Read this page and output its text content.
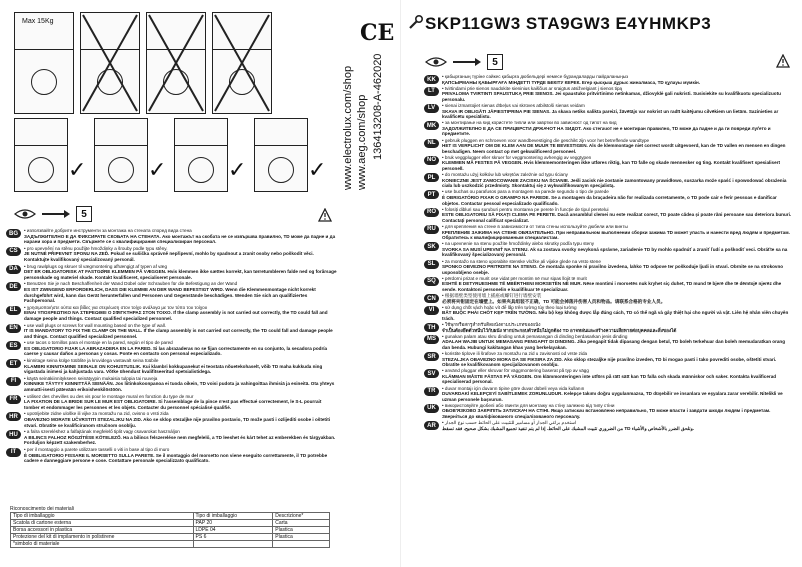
Max 15Kg
✓	✓	✓	✓	www.aeg.com/shop
www.electrolux.com/shop 136413208-A-462020
CE
5
BG	• използвайте добрите инструменти за монтажа на стената според вида стена
ЗАДЪЛЖИТЕЛНО Е ДА ФИКСИРАТЕ СКОБАТА НА СТЕНАТА. Ако монтажът на скобата не се извършва правилно, TD може да падне и да нарани хора и предмети. Свържете се с квалифицирания специализиран персонал.
CS	• pro upevnění na stěnu použijte hmoždinky a šrouby podle typu stěny.
JE NUTNÉ PŘIPEVNIT SPONU NA ZEĎ. Pokud se sušička správně nepřipevní, mohlo by spadnout a zranit osoby nebo poškodit věci. Kontaktujte kvalifikovaný specializovaný personál.
DA	• brug rawlplugs og skruer til vægmontering afhængigt af typen af væg
DET ER OBLIGATORISK AT FASTGØRE KLEMMEN PÅ VÆGGEN. Hvis klemmen ikke sættes korrekt, kan tørretumbleren falde ned og forårsage personskade og materiel skade. Kontakt kvalificeret, specialiseret personale.
DE	• Benutzen Sie je nach Beschaffenheit der Wand Dübel oder Schrauben für die Befestigung an der Wand
ES IST ZWINGEND ERFORDERLICH, DASS DIE KLEMME AN DER WAND BEFESTIGT WIRD. Wenn die Klemmenmontage nicht korrekt durchgeführt wird, kann das Gerät herunterfallen und Personen und Gegenstände beschädigen. Wenden Sie sich an qualifiziertes Fachpersonal.
EL	• χρησιμοποιήστε ούπα και βίδες για στερέωση στον τοίχο ανάλογα με τον τύπο του τοίχου
ΕΙΝΑΙ ΥΠΟΧΡΕΩΤΙΚΟ ΝΑ ΣΤΕΡΕΩΘΕΙ Ο ΣΦΙΓΚΤΗΡΑΣ ΣΤΟΝ ΤΟΙΧΟ. If the clamp assembly is not carried out correctly, the TD could fall and damage people and things. Contact qualified specialized personnel.
EN	• use wall plugs or screws for wall mounting based on the type of wall.
IT IS MANDATORY TO FIX THE CLAMP ON THE WALL. If the clamp assembly is not carried out correctly, the TD could fall and damage people and things. Contact qualified specialized personnel.
ES	• use tacos o tornillos para el montaje en la pared, según el tipo de pared
ES OBLIGATORIO FIJAR LA ABRAZADERA EN LA PARED. Si las abrazaderas no se fijan correctamente en su conjunto, la secadora podría caerse y causar daños a personas y cosas. Ponte en contacto con personal especializado.
ET	• kinnitage seina külge tüüblite ja kruvidega vastavalt seina tüübile
KLAMBRI KINNITAMINE SEINALE ON KOHUSTUSLIK. Kui klambri kokkupanekut ei teostata nõuetekohaselt, võib TD maha kukkuda ning vigastada inimesi ja kahjustada vara. Võtke ühendust kvalifitseeritud spetsialistidega.
FI	• käytä seinäkiinnitykseen seinätyypin mukaisia tulppia tai ruuveja
KIINNIKE TÄYTYY KIINNITTÄÄ SEINÄÄN. Jos liitinkokoonpanoa ei tuoda oikein, TD voisi pudota ja vahingoittaa ihmisiä ja esineitä. Ota yhteys ammatti-isesti pätevään erikoishenkilöstöön.
FR	• utilisez des chevilles ou des vis pour le montage mural en fonction du type de mur
LA FIXATION DE LA BRIDE SUR LE MUR EST OBLIGATOIRE. Si l'assemblage de la pince n'est pas effectué correctement, le S-L pourrait tomber et endommager les personnes et les objets. Contacter du personnel spécialisé qualifié.
HR	• upotrijebite zidne uloške ili vijke za montažu na zid, ovisno o vrsti zida
OBAVEZNO MORATE UČVRSTITI STEZALJKU NA ZID. Ako se sklop stezaljke nije pravilno postavio, TD može pasti i ozlijediti osobe i oštetiti stvari. Obratite se kvalificiranom stručnom osoblju.
HU	• a falra szereléshez a falfajtának megfelelő tiplit vagy csavarokat használjon
A BILINCS FALHOZ RÖGZÍTÉSE KÖTELEZŐ. Ha a bilincs felszerelése nem megfelelő, a TD leeshet és kárt tehet az emberekben és tárgyakban. Forduljon képzett szakemberhez.
IT	• per il montaggio a parete utilizzare tasselli o viti in base al tipo di muro
È OBBLIGATORIO FISSARE IL MORSETTO SULLA PARETE. Se il montaggio del morsetto non viene eseguito correttamente, il TD potrebbe cadere e danneggiare persone e cose. Contattare personale specializzato qualificato.
Riconoscimento dei materiali
Tipo di imballaggio	Tipo di imballaggio	Descrizione*
Scatola di cartone esterna	PAP 20	Carta
Borsa accessori in plastica	LDPE 04	Plastica
Protezione del kit di impilamento in polistirene	PS 6	Plastica
*simbolo di materiale		
SKP11GW3 STA9GW3 E4YHMKP3
5
KK	• қабырғаның түріне сәйкес қабырға дюбельдері немесе бұрандаларды пайдаланыңыз
ҚАПСЫРМАНЫ ҚАБЫРҒАҒА МІНДЕТТІ ТҮРДЕ БЕКІТУ КЕРЕК. Егер қысқыш дұрыс жиналмаса, TD құлауы мүмкін.
LT	• tvirtindami prie sienos naudokite sieninius kaiščius ar sraigtus atsižvelgiant į sienos tipą
PRIVALOMA TVIRTINTI SPAUSTUKĄ PRIE SIENOS. Jei spaustuko pritvirtinimo netinkamas, džiovyklė gali nukristi. Susisiekite su kvalifikuotu specializuotu personalu.
LV	• sienai izmantojiet sienas dībeļus vai skrūves atbilstoši sienas veidam
SKAVA IR OBLIGĀTI JĀPIESTIPRINA PIE SIENAS. Ja skava netiks salikta pareizi, žāvētājs var nokrist un radīt kaitējumu cilvēkiem un lietām. Sazinieties ar kvalificētu speciālistu.
MK	• за монтирање на ѕид користете типли или завртки во зависност од типот на ѕид
ЗАДОЛЖИТЕЛНО Е ДА СЕ ПРИЦВРСТИ ДРЖАЧОТ НА ЅИДОТ. Ако стегачот не е монтиран правилно, TD може да падне и да ги повреди луѓето и предметите.
NL	• gebruik pluggen en schroeven voor wandbevestiging die geschikt zijn voor het betreffende wandtype
HET IS VERPLICHT OM DE KLEM AAN DE MUUR TE BEVESTIGEN. Als de klemmontage niet correct wordt uitgevoerd, kan de TD vallen en mensen en dingen beschadigen. Neem contact op met gekwalificeerd personeel.
NO	• bruk veggplugger eller skruer for veggmontering avhengig av veggtypen
KLEMMEN MÅ FESTES PÅ VEGGEN. Hvis klemmemonteringen ikke utføres riktig, kan TD falle og skade mennesker og ting. Kontakt kvalifisert spesialisert personell.
PL	• do montażu użyj kołków lub wkrętów zależnie od typu ściany
KONIECZNE JEST ZAMOCOWANIE ZACISKU NA ŚCIANIE. Jeśli zacisk nie zostanie zamontowany prawidłowo, suszarka może spaść i spowodować obrażenia ciała lub uszkodzić przedmioty. Skontaktuj się z wykwalifikowanym specjalistą.
PT	• use buchas ou parafusos para a montagem na parede segundo o tipo de parede
É OBRIGATÓRIO FIXAR O GRAMPO NA PAREDE. Se a montagem da braçadeira não for realizada corretamente, o TD pode cair e ferir pessoas e danificar objetos. Contactar pessoal especializado qualificado.
RO	• folosiți dibluri sau șuruburi pentru montarea pe perete în funcție de tipul peretelui
ESTE OBLIGATORIU SĂ FIXAȚI CLEMA PE PERETE. Dacă ansamblul clemei nu este realizat corect, TD poate cădea și poate răni persoane sau deteriora bunuri. Contactați personal calificat specializat.
RU	• для крепления на стене в зависимости от типа стены используйте дюбели или винты
КРЕПЛЕНИЕ ЗАЖИМА НА СТЕНЕ ОБЯЗАТЕЛЬНО. При неправильном выполнении сборки зажима TD может упасть и нанести вред людям и предметам. Обратитесь к квалифицированным специалистам.
SK	• na upevnenie na stenu použite hmoždinky alebo skrutky podľa typu steny
SVORKA SA MUSÍ UPEVNIŤ NA STENU. Ak sa zostava svorky nevykoná správne, zariadenie TD by mohlo spadnúť a zraniť ľudí a poškodiť veci. Obráťte sa na kvalifikovaný špecializovaný personál.
SL	• za montažo na steno uporabite stenske vložke ali vijake glede na vrsto stene
SPONKO OBVEZNO PRITRDITE NA STENO. Če montaža sponke ni pravilno izvedena, lahko TD odpove ter poškoduje ljudi in stvari. Obrnite se na strokovno usposobljeno osebje.
SQ	• përdorni prizat e murit ose vidat për montim në mur sipas llojit të murit
ESHTË E DETYRUESHME TË MBËRTHENI MORSETËN NË MUR. Nëse montimi i morsetës nuk kryhet siç duhet, TD mund të bjerë dhe të dëmtojë njerëz dhe sende. Kontaktoni personelin e kualifikuar të specializuar.
CN	• 根据墙壁类型使用墙上插座或螺钉进行墙壁安装
必须将夹钳固定在墙壁上。如果夹具组装不正确，TD 可能会掉落并伤害人员和物品。请联系合格的专业人员。
VI	• sử dụng chốt vách hoặc vít để lắp trên tường tùy theo loại tường
BẮT BUỘC PHẢI CHỐT KẸP TRÊN TƯỜNG. Nếu bộ kẹp không được lắp đúng cách, TD có thể ngã và gây thiệt hại cho người và vật. Liên hệ nhân viên chuyên trách.
TH	• ใช้พุกหรือสกรูสำหรับติดผนังตามประเภทของผนัง
จำเป็นต้องยึดตัวหนีบไว้กับผนัง หากประกอบตัวหนีบไม่ถูกต้อง TD อาจหล่นและสร้างความเสียหายต่อบุคคลและสิ่งของได้
MS	• gunakan palam atau skru dinding untuk pemasangan di dinding berdasarkan jenis dinding
ADALAH WAJIB UNTUK MEMASANG PENGAPIT DI DINDING. Jika pengapit tidak dipasang dengan betul, TD boleh terkehuar dan boleh memudaratkan orang dan benda. Hubungi kakitangan khas yang berkelayakan.
SR	• koristite tiplove ili šrafove za montažu na zid u zavisnosti od vrste zida
STEZALJKA OBAVEZNO MORA DA SE FIKSIRA ZA ZID. Ako sklop stezaljke nije pravilno izveden, TD bi mogao pasti i tako povrediti osobe, oštetiti stvari. Obratite se kvalifikovanom specijalizovanom osoblju.
SV	• använd pluggar eller skruvar för väggmontering baserat på typ av vägg
KLÄMMAN MÅSTE FÄSTAS PÅ VÄGGEN. Om klämmonteringen inte utförs på rätt sätt kan TD falla och skada människor och saker. Kontakta kvalificerad specialiserad personal.
TR	• duvar montajı için duvarın tipine göre duvar dübeli veya vida kullanın
DUVARDAKİ KELEPÇEYİ SABİTLEMEK ZORUNLUDUR. Kelepçe takımı doğru uygulanmazsa, TD düşebilir ve insanlara ve eşyalara zarar verebilir. Nitelikli ve uzman personele başvurun.
UK	• використовуйте дюбелі або гвинти для монтажу на стіну залежно від типу стіни
ОБОВ'ЯЗКОВО ЗАКРІПІТЬ ЗАТИСКАЧ НА СТІНІ. Якщо затискач встановлено неправильно, TD може впасти і завдати шкоди людям і предметам. Зверніться до кваліфікованого спеціалізованого персоналу.
AR	• استخدم براغي الجدار أو مسامير للتثبيت على الحائط حسب نوع الجدار
من الضروري تثبيت المشبك على الحائط. إذا لم يتم تنفيذ تجميع المشبك بشكل صحيح، فقد تسقط TD وتلحق الضرر بالأشخاص والأشياء.
